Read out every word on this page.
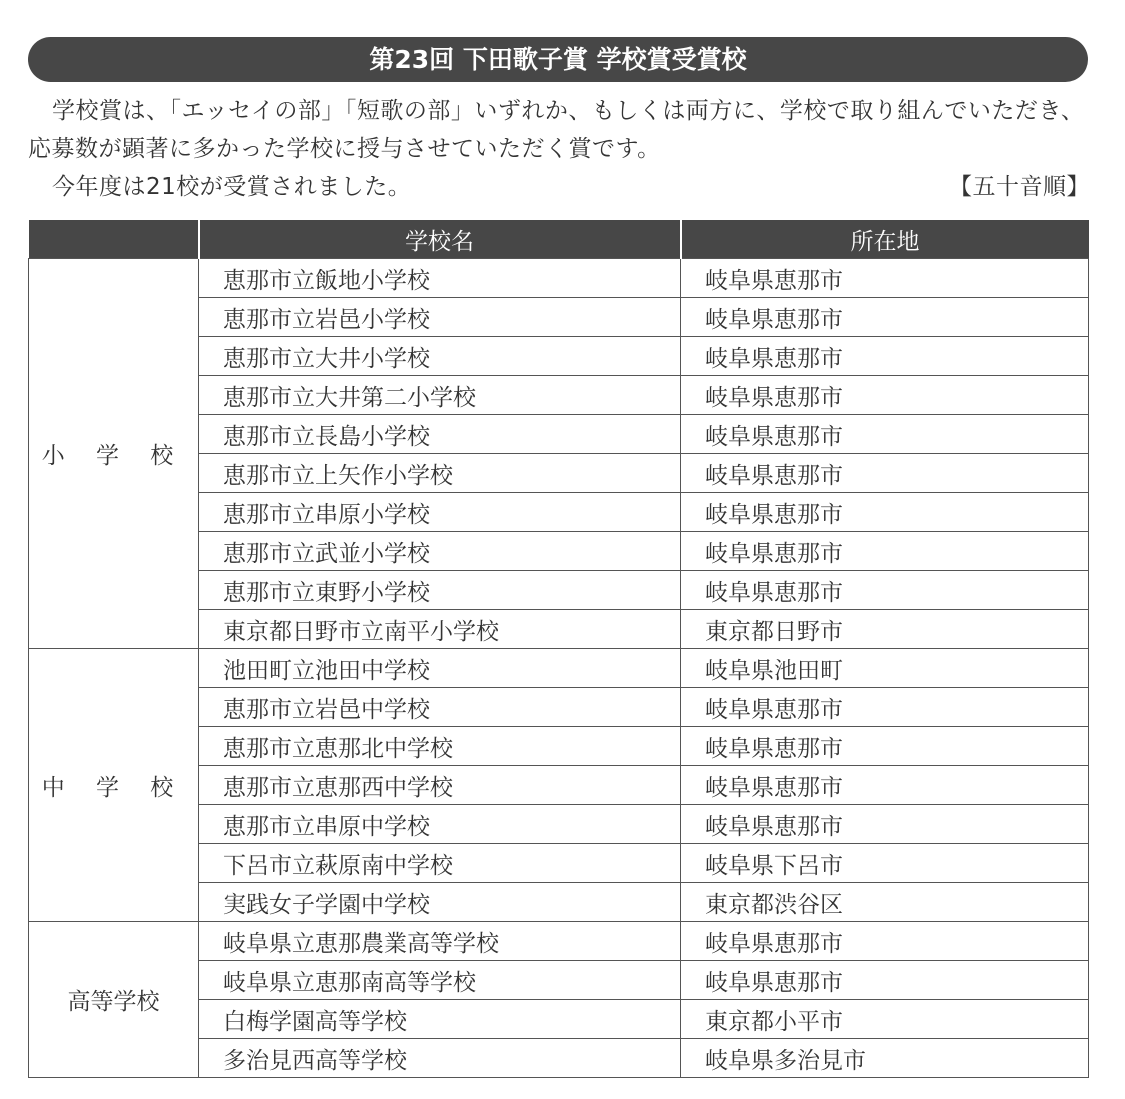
第23回 下田歌子賞 学校賞受賞校

学校賞は、「エッセイの部」「短歌の部」いずれか、もしくは両方に、学校で取り組んでいただき、応募数が顕著に多かった学校に授与させていただく賞です。

今年度は21校が受賞されました。	【五十音順】
	学校名	所在地
小 学 校	恵那市立飯地小学校	岐阜県恵那市
	恵那市立岩邑小学校	岐阜県恵那市
	恵那市立大井小学校	岐阜県恵那市
	恵那市立大井第二小学校	岐阜県恵那市
	恵那市立長島小学校	岐阜県恵那市
	恵那市立上矢作小学校	岐阜県恵那市
	恵那市立串原小学校	岐阜県恵那市
	恵那市立武並小学校	岐阜県恵那市
	恵那市立東野小学校	岐阜県恵那市
	東京都日野市立南平小学校	東京都日野市
中 学 校	池田町立池田中学校	岐阜県池田町
	恵那市立岩邑中学校	岐阜県恵那市
	恵那市立恵那北中学校	岐阜県恵那市
	恵那市立恵那西中学校	岐阜県恵那市
	恵那市立串原中学校	岐阜県恵那市
	下呂市立萩原南中学校	岐阜県下呂市
	実践女子学園中学校	東京都渋谷区
高等学校	岐阜県立恵那農業高等学校	岐阜県恵那市
	岐阜県立恵那南高等学校	岐阜県恵那市
	白梅学園高等学校	東京都小平市
	多治見西高等学校	岐阜県多治見市
